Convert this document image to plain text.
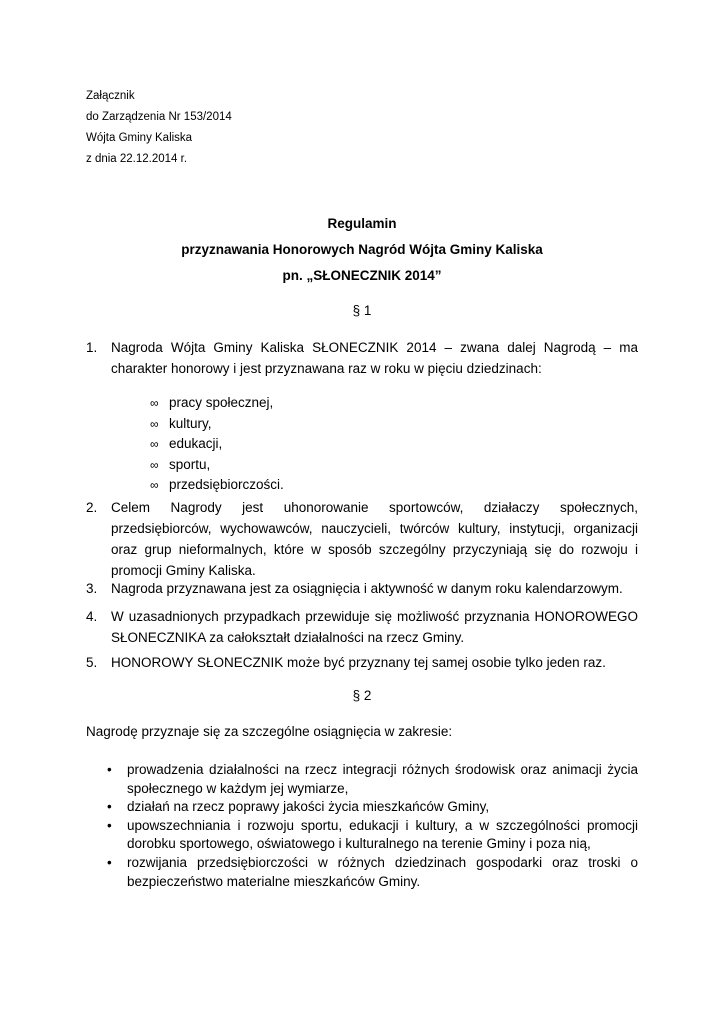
Załącznik
do Zarządzenia Nr 153/2014
Wójta Gminy Kaliska
z dnia 22.12.2014 r.
Regulamin
przyznawania Honorowych Nagród Wójta Gminy Kaliska
pn. „SŁONECZNIK 2014”
§ 1
1. Nagroda Wójta Gminy Kaliska SŁONECZNIK 2014 – zwana dalej Nagrodą – ma charakter honorowy i jest przyznawana raz w roku w pięciu dziedzinach:
∞ pracy społecznej,
∞ kultury,
∞ edukacji,
∞ sportu,
∞ przedsiębiorczości.
2. Celem Nagrody jest uhonorowanie sportowców, działaczy społecznych, przedsiębiorców, wychowawców, nauczycieli, twórców kultury, instytucji, organizacji oraz grup nieformalnych, które w sposób szczególny przyczyniają się do rozwoju i promocji Gminy Kaliska.
3. Nagroda przyznawana jest za osiągnięcia i aktywność w danym roku kalendarzowym.
4. W uzasadnionych przypadkach przewiduje się możliwość przyznania HONOROWEGO SŁONECZNIKA za całokształt działalności na rzecz Gminy.
5. HONOROWY SŁONECZNIK może być przyznany tej samej osobie tylko jeden raz.
§ 2
Nagrodę przyznaje się za szczególne osiągnięcia w zakresie:
• prowadzenia działalności na rzecz integracji różnych środowisk oraz animacji życia społecznego w każdym jej wymiarze,
• działań na rzecz poprawy jakości życia mieszkańców Gminy,
• upowszechniania i rozwoju sportu, edukacji i kultury, a w szczególności promocji dorobku sportowego, oświatowego i kulturalnego na terenie Gminy i poza nią,
• rozwijania przedsiębiorczości w różnych dziedzinach gospodarki oraz troski o bezpieczeństwo materialne mieszkańców Gminy.
